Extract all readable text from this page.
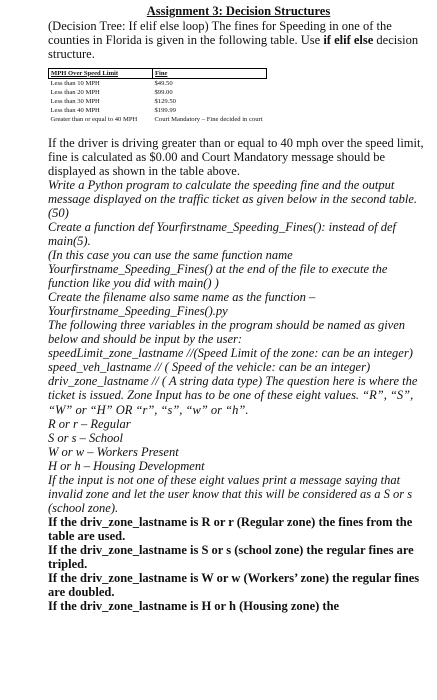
Assignment 3: Decision Structures

(Decision Tree: If elif else loop) The fines for Speeding in one of the counties in Florida is given in the following table. Use if elif else decision structure.

MPH Over Speed Limit	Fine
Less than 10 MPH	$49.50
Less than 20 MPH	$99.00
Less than 30 MPH	$129.50
Less than 40 MPH	$199.99
Greater than or equal to 40 MPH	Court Mandatory – Fine decided in court

If the driver is driving greater than or equal to 40 mph over the speed limit, fine is calculated as $0.00 and Court Mandatory message should be displayed as shown in the table above.

Write a Python program to calculate the speeding fine and the output message displayed on the traffic ticket as given below in the second table. (50)

Create a function def Yourfirstname_Speeding_Fines(): instead of def main(5).

(In this case you can use the same function name Yourfirstname_Speeding_Fines() at the end of the file to execute the function like you did with main() )

Create the filename also same name as the function – Yourfirstname_Speeding_Fines().py

The following three variables in the program should be named as given below and should be input by the user:

speedLimit_zone_lastname //(Speed Limit of the zone: can be an integer)

speed_veh_lastname // ( Speed of the vehicle: can be an integer)

driv_zone_lastname // ( A string data type) The question here is where the ticket is issued. Zone Input has to be one of these eight values. “R”, “S”, “W” or “H” OR “r”, “s”, “w” or “h”.

R or r – Regular

S or s – School

W or w – Workers Present

H or h – Housing Development

If the input is not one of these eight values print a message saying that invalid zone and let the user know that this will be considered as a S or s (school zone).

If the driv_zone_lastname is R or r (Regular zone) the fines from the table are used.

If the driv_zone_lastname is S or s (school zone) the regular fines are tripled.

If the driv_zone_lastname is W or w (Workers’ zone) the regular fines are doubled.

If the driv_zone_lastname is H or h (Housing zone) the
